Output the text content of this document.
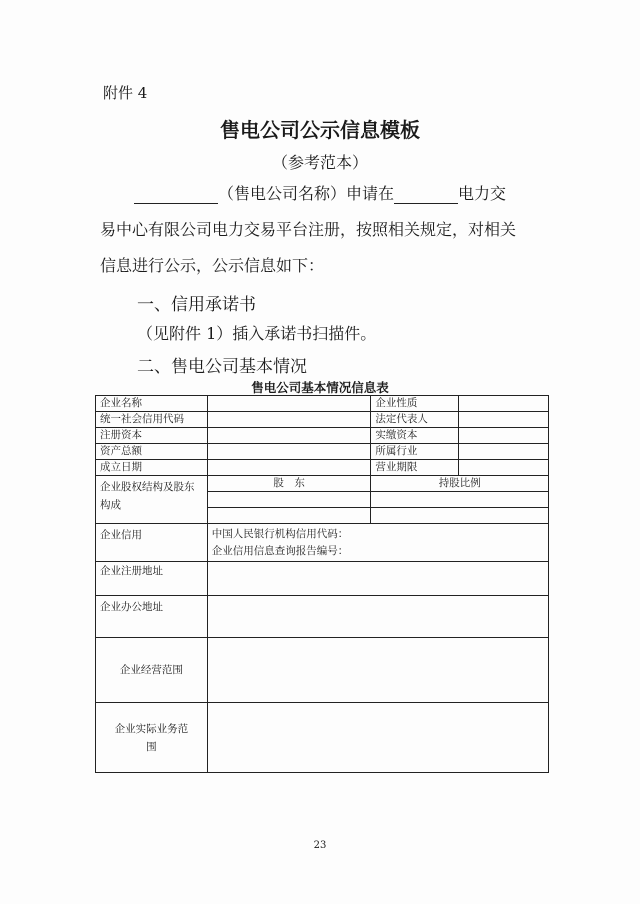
附件 4
售电公司公示信息模板
（参考范本）
（售电公司名称）申请在	电力交
易中心有限公司电力交易平台注册，按照相关规定，对相关
信息进行公示，公示信息如下：
一、信用承诺书
（见附件 1）插入承诺书扫描件。
二、售电公司基本情况
售电公司基本情况信息表
企业名称		企业性质	
统一社会信用代码		法定代表人	
注册资本		实缴资本	
资产总额		所属行业	
成立日期		营业期限	
企业股权结构及股东构成	股　东	持股比例	

企业信用	中国人民银行机构信用代码：
企业信用信息查询报告编号：		

企业注册地址			
企业办公地址			
企业经营范围			
企业实际业务范围			
23
